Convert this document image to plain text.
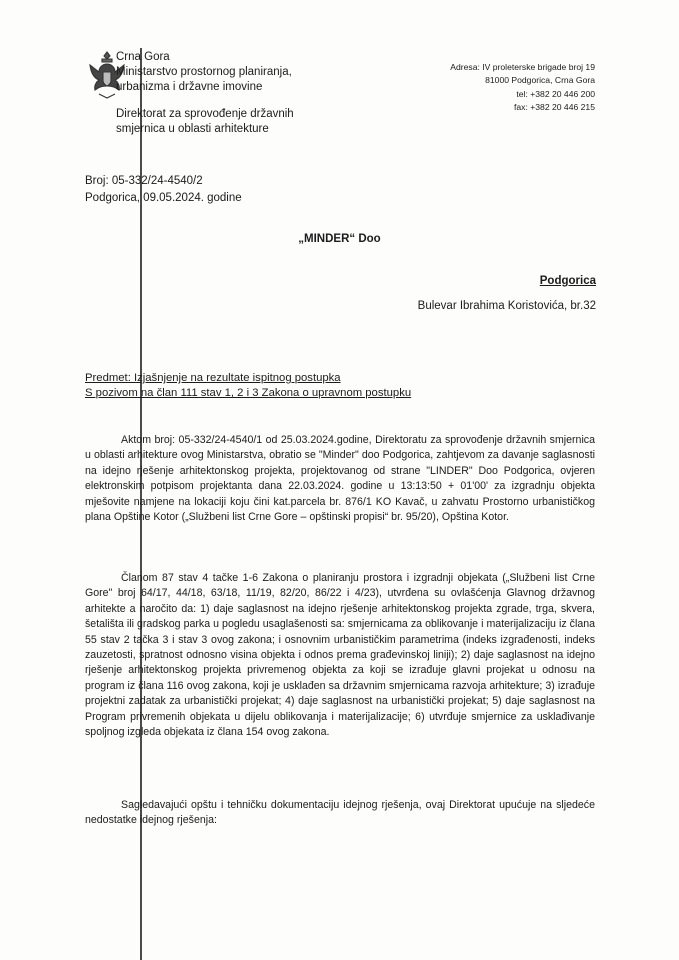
Crna Gora
Ministarstvo prostornog planiranja,
urbanizma i državne imovine
Direktorat za sprovođenje državnih
smjernica u oblasti arhitekture
Adresa: IV proleterske brigade broj 19
81000 Podgorica, Crna Gora
tel: +382 20 446 200
fax: +382 20 446 215
Broj: 05-332/24-4540/2
Podgorica, 09.05.2024. godine
„MINDER“ Doo
Podgorica
Bulevar Ibrahima Koristovića, br.32
Predmet: Izjašnjenje na rezultate ispitnog postupka
S pozivom na član 111 stav 1, 2 i 3 Zakona o upravnom postupku

Aktom broj: 05-332/24-4540/1 od 25.03.2024.godine, Direktoratu za sprovođenje državnih smjernica u oblasti arhitekture ovog Ministarstva, obratio se "Minder" doo Podgorica, zahtjevom za davanje saglasnosti na idejno rješenje arhitektonskog projekta, projektovanog od strane "LINDER" Doo Podgorica, ovjeren elektronskim potpisom projektanta dana 22.03.2024. godine u 13:13:50 + 01'00' za izgradnju objekta mješovite namjene na lokaciji koju čini kat.parcela br. 876/1 KO Kavač, u zahvatu Prostorno urbanističkog plana Opštine Kotor („Službeni list Crne Gore – opštinski propisi“ br. 95/20), Opština Kotor.

Članom 87 stav 4 tačke 1-6 Zakona o planiranju prostora i izgradnji objekata („Službeni list Crne Gore" broj 64/17, 44/18, 63/18, 11/19, 82/20, 86/22 i 4/23), utvrđena su ovlašćenja Glavnog državnog arhitekte a naročito da: 1) daje saglasnost na idejno rješenje arhitektonskog projekta zgrade, trga, skvera, šetališta ili gradskog parka u pogledu usaglašenosti sa: smjernicama za oblikovanje i materijalizaciju iz člana 55 stav 2 tačka 3 i stav 3 ovog zakona; i osnovnim urbanističkim parametrima (indeks izgrađenosti, indeks zauzetosti, spratnost odnosno visina objekta i odnos prema građevinskoj liniji); 2) daje saglasnost na idejno rješenje arhitektonskog projekta privremenog objekta za koji se izrađuje glavni projekat u odnosu na program iz člana 116 ovog zakona, koji je usklađen sa državnim smjernicama razvoja arhitekture; 3) izrađuje projektni zadatak za urbanistički projekat; 4) daje saglasnost na urbanistički projekat; 5) daje saglasnost na Program privremenih objekata u dijelu oblikovanja i materijalizacije; 6) utvrđuje smjernice za usklađivanje spoljnog izgleda objekata iz člana 154 ovog zakona.

Sagledavajući opštu i tehničku dokumentaciju idejnog rješenja, ovaj Direktorat upućuje na sljedeće nedostatke idejnog rješenja:
